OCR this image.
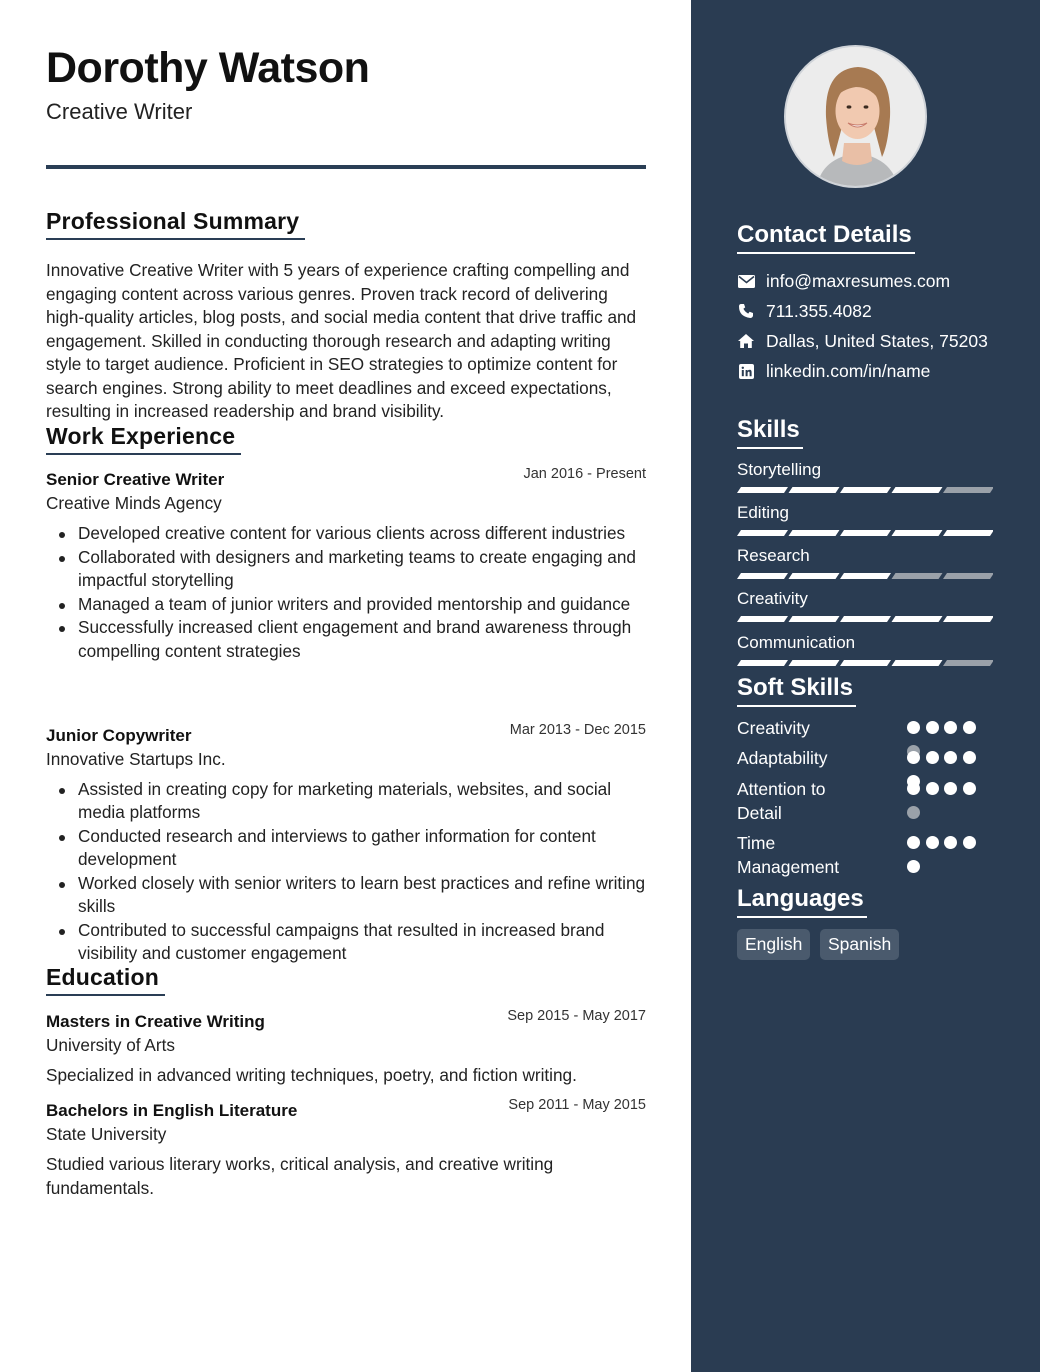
Dorothy Watson
Creative Writer
Professional Summary
Innovative Creative Writer with 5 years of experience crafting compelling and engaging content across various genres. Proven track record of delivering high-quality articles, blog posts, and social media content that drive traffic and engagement. Skilled in conducting thorough research and adapting writing style to target audience. Proficient in SEO strategies to optimize content for search engines. Strong ability to meet deadlines and exceed expectations, resulting in increased readership and brand visibility.
Work Experience
Senior Creative Writer	Jan 2016 - Present
Creative Minds Agency
Developed creative content for various clients across different industries
Collaborated with designers and marketing teams to create engaging and impactful storytelling
Managed a team of junior writers and provided mentorship and guidance
Successfully increased client engagement and brand awareness through compelling content strategies
Junior Copywriter	Mar 2013 - Dec 2015
Innovative Startups Inc.
Assisted in creating copy for marketing materials, websites, and social media platforms
Conducted research and interviews to gather information for content development
Worked closely with senior writers to learn best practices and refine writing skills
Contributed to successful campaigns that resulted in increased brand visibility and customer engagement
Education
Masters in Creative Writing	Sep 2015 - May 2017
University of Arts
Specialized in advanced writing techniques, poetry, and fiction writing.
Bachelors in English Literature	Sep 2011 - May 2015
State University
Studied various literary works, critical analysis, and creative writing fundamentals.
Contact Details
info@maxresumes.com
711.355.4082
Dallas, United States, 75203
linkedin.com/in/name
Skills
Storytelling
Editing
Research
Creativity
Communication
Soft Skills
Creativity
Adaptability
Attention to Detail
Time Management
Languages
English	Spanish
